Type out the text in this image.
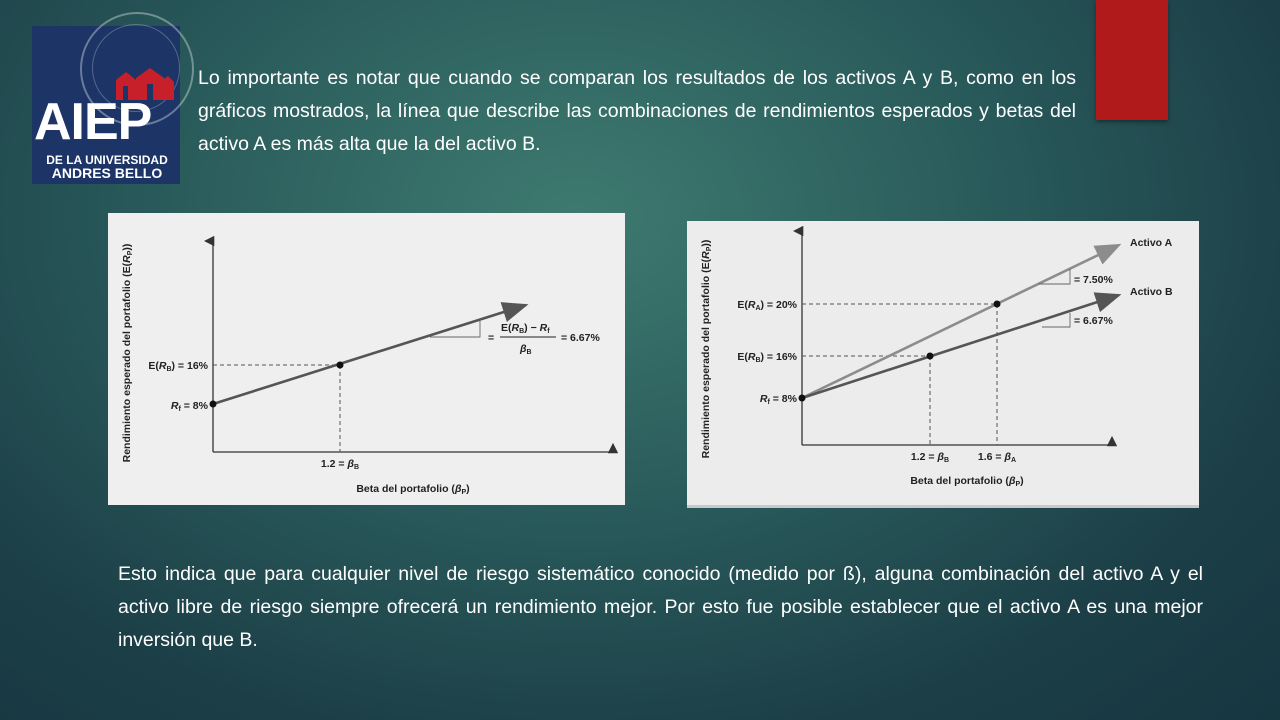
AIEP
DE LA UNIVERSIDAD
ANDRES BELLO
Lo importante es notar que cuando se comparan los resultados de los activos A y B, como en los gráficos mostrados, la línea que describe las combinaciones de rendimientos esperados y betas del activo A es más alta que la del activo B.
Rendimiento esperado del portafolio (E(RP))
Beta del portafolio (βP)
Rf = 8%
E(RB) = 16%
1.2 = βB
=
E(RB) − Rf
βB
= 6.67%	Rendimiento esperado del portafolio (E(RP))
Beta del portafolio (βP)
Rf = 8%
E(RB) = 16%
E(RA) = 20%
1.2 = βB	1.6 = βA
Activo A
Activo B
= 7.50%
= 6.67%
Esto indica que para cualquier nivel de riesgo sistemático conocido (medido por ß), alguna combinación del activo A y el activo libre de riesgo siempre ofrecerá un rendimiento mejor. Por esto fue posible establecer que el activo A es una mejor inversión que B.
